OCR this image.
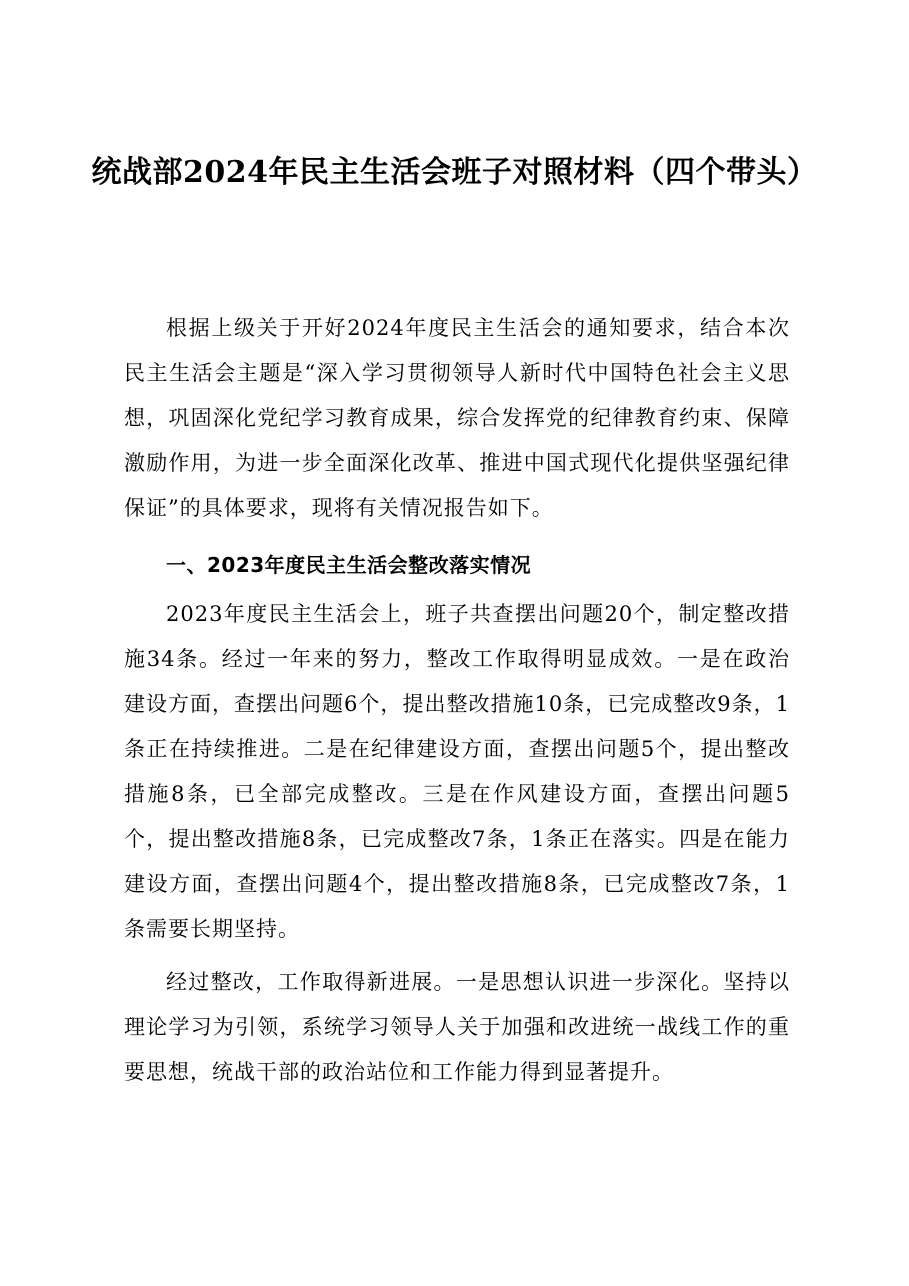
统战部2024年民主生活会班子对照材料（四个带头）

根据上级关于开好2024年度民主生活会的通知要求，结合本次民主生活会主题是“深入学习贯彻领导人新时代中国特色社会主义思想，巩固深化党纪学习教育成果，综合发挥党的纪律教育约束、保障激励作用，为进一步全面深化改革、推进中国式现代化提供坚强纪律保证”的具体要求，现将有关情况报告如下。

一、2023年度民主生活会整改落实情况

2023年度民主生活会上，班子共查摆出问题20个，制定整改措施34条。经过一年来的努力，整改工作取得明显成效。一是在政治建设方面，查摆出问题6个，提出整改措施10条，已完成整改9条，1条正在持续推进。二是在纪律建设方面，查摆出问题5个，提出整改措施8条，已全部完成整改。三是在作风建设方面，查摆出问题5个，提出整改措施8条，已完成整改7条，1条正在落实。四是在能力建设方面，查摆出问题4个，提出整改措施8条，已完成整改7条，1条需要长期坚持。

经过整改，工作取得新进展。一是思想认识进一步深化。坚持以理论学习为引领，系统学习领导人关于加强和改进统一战线工作的重要思想，统战干部的政治站位和工作能力得到显著提升。
